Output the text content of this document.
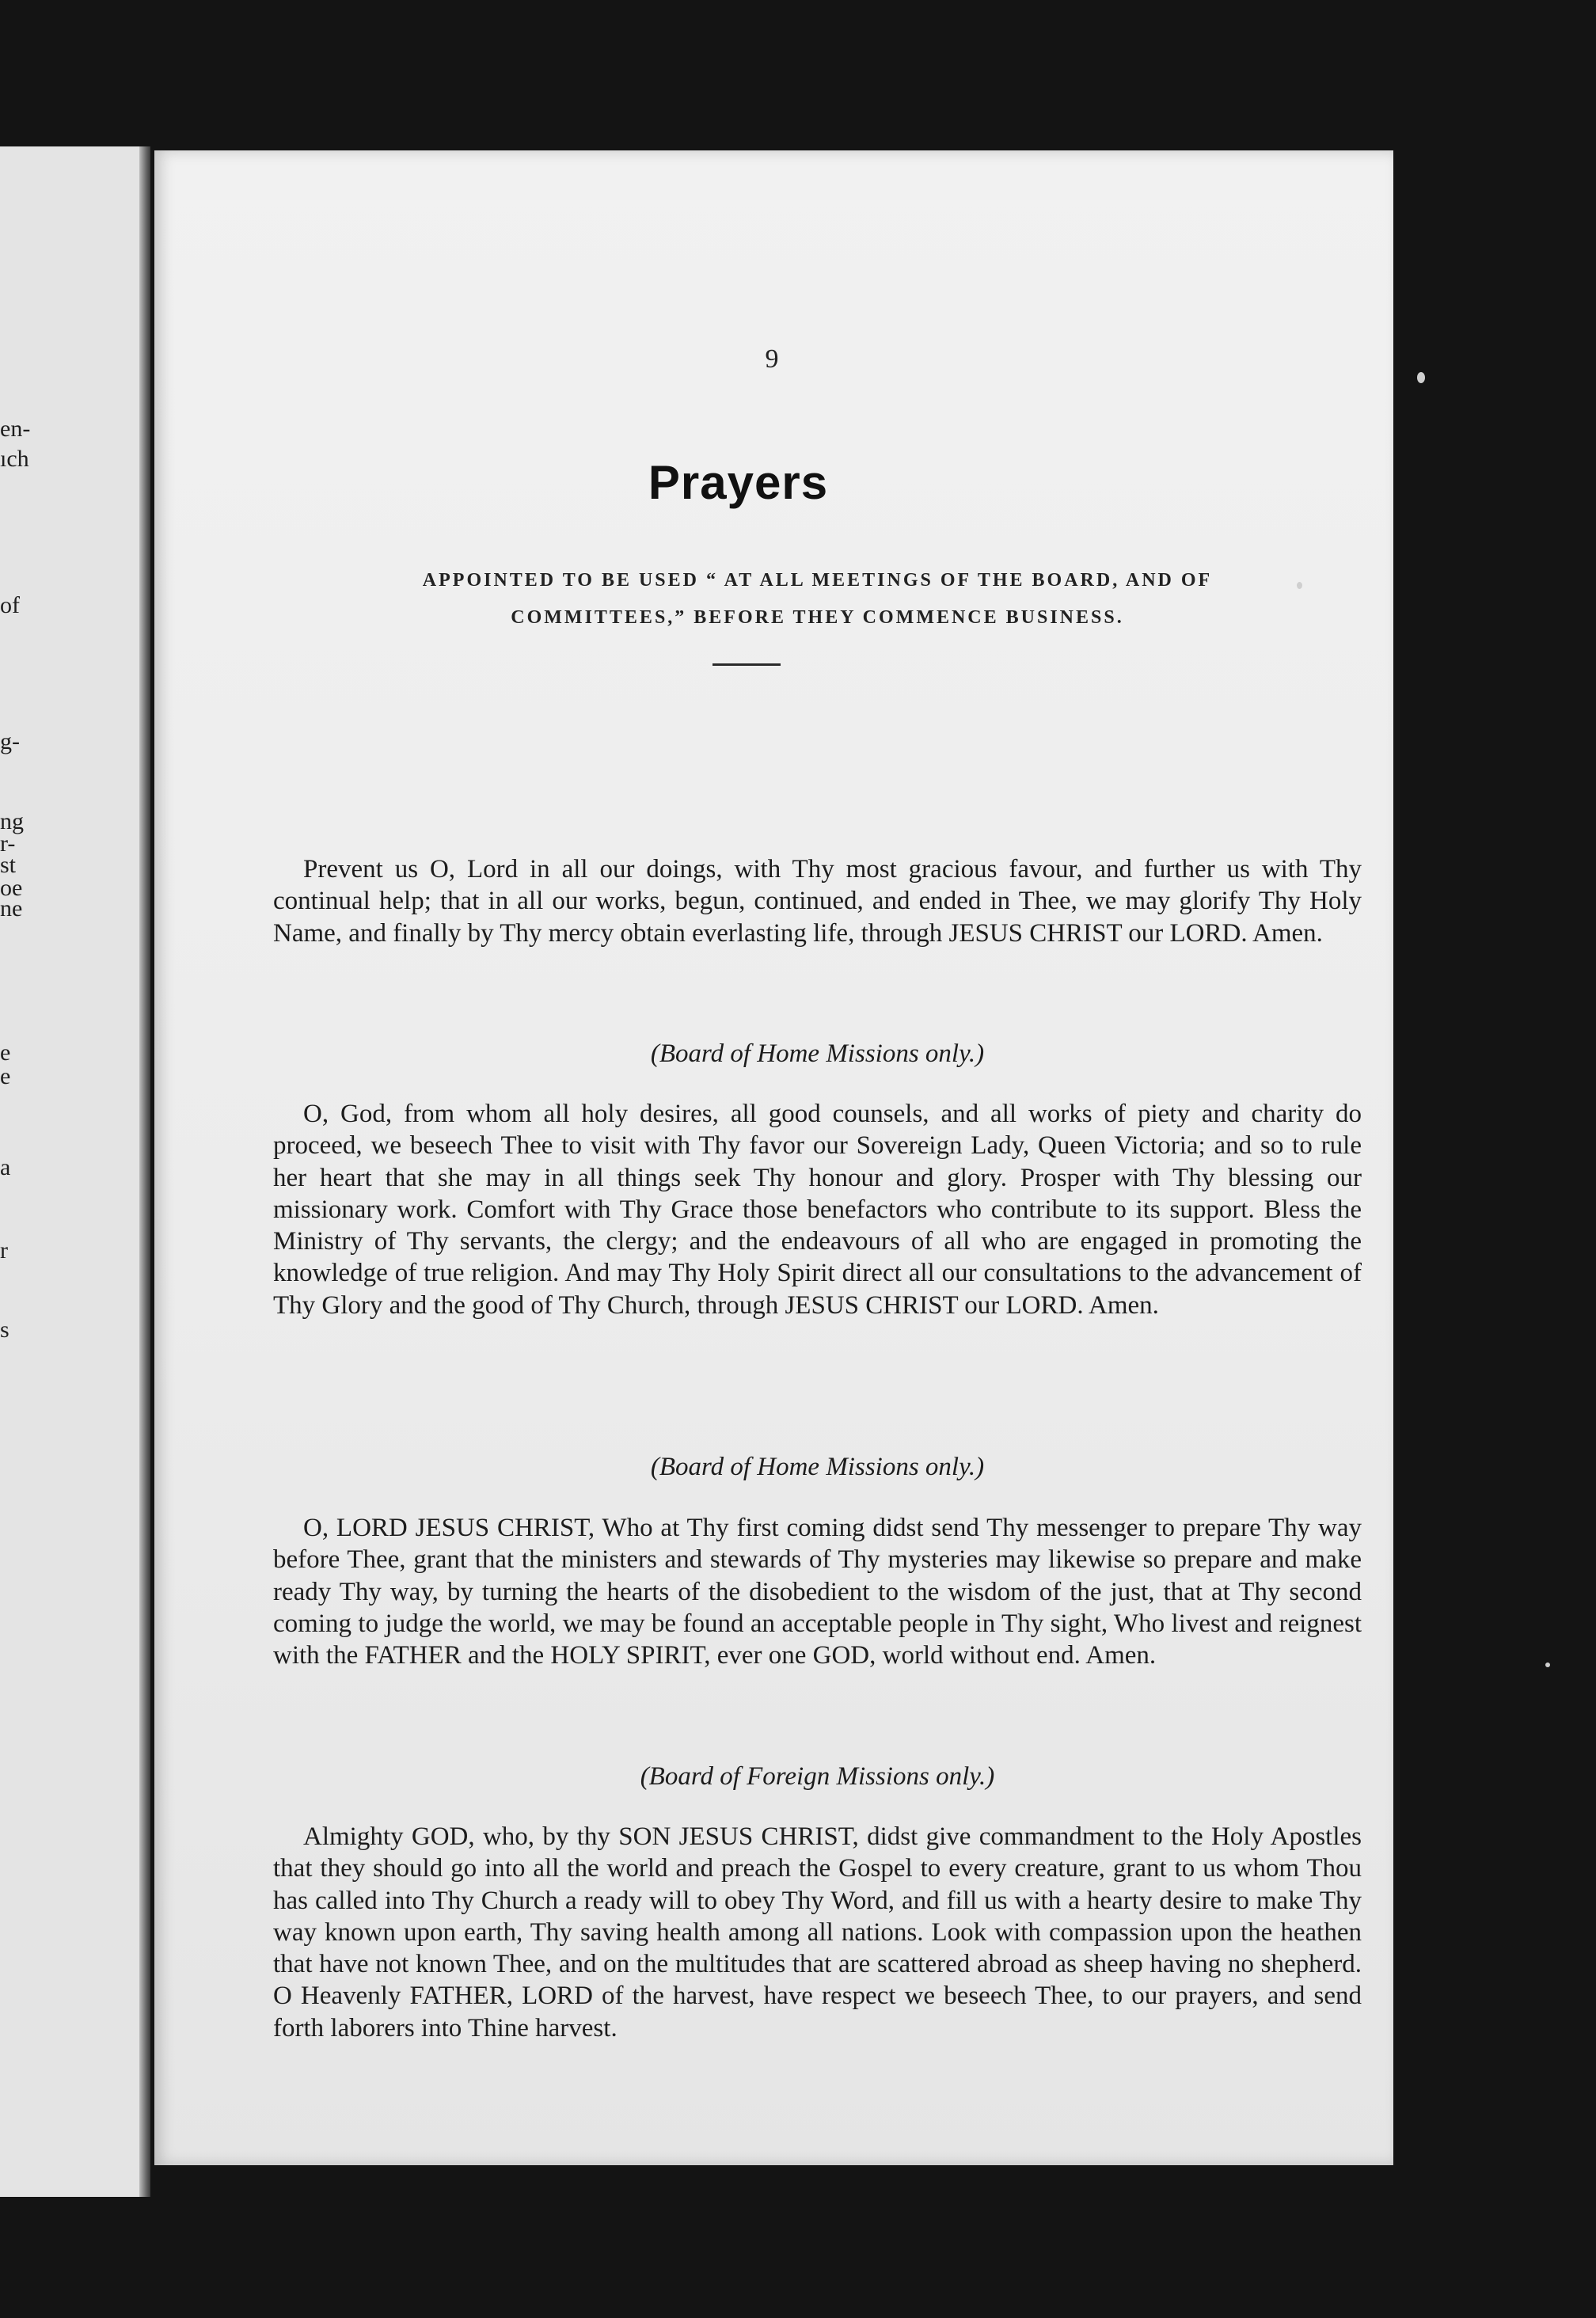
en-

ıch

of

g-

ng

r-

st

oe

ne

e

e

a

r

s

9
Prayers

APPOINTED TO BE USED “ AT ALL MEETINGS OF THE BOARD, AND OF
COMMITTEES,” BEFORE THEY COMMENCE BUSINESS.

Prevent us O, Lord in all our doings, with Thy most gracious favour, and further us with Thy continual help; that in all our works, begun, continued, and ended in Thee, we may glorify Thy Holy Name, and finally by Thy mercy obtain everlasting life, through JESUS CHRIST our LORD. Amen.

(Board of Home Missions only.)

O, God, from whom all holy desires, all good counsels, and all works of piety and charity do proceed, we beseech Thee to visit with Thy favor our Sovereign Lady, Queen Victoria; and so to rule her heart that she may in all things seek Thy honour and glory. Prosper with Thy blessing our missionary work. Comfort with Thy Grace those benefactors who contribute to its support. Bless the Ministry of Thy servants, the clergy; and the endeavours of all who are engaged in promoting the knowledge of true religion. And may Thy Holy Spirit direct all our consultations to the advancement of Thy Glory and the good of Thy Church, through JESUS CHRIST our LORD. Amen.

(Board of Home Missions only.)

O, LORD JESUS CHRIST, Who at Thy first coming didst send Thy messenger to prepare Thy way before Thee, grant that the ministers and stewards of Thy mysteries may likewise so prepare and make ready Thy way, by turning the hearts of the disobedient to the wisdom of the just, that at Thy second coming to judge the world, we may be found an acceptable people in Thy sight, Who livest and reignest with the FATHER and the HOLY SPIRIT, ever one GOD, world without end. Amen.

(Board of Foreign Missions only.)

Almighty GOD, who, by thy SON JESUS CHRIST, didst give commandment to the Holy Apostles that they should go into all the world and preach the Gospel to every creature, grant to us whom Thou has called into Thy Church a ready will to obey Thy Word, and fill us with a hearty desire to make Thy way known upon earth, Thy saving health among all nations. Look with compassion upon the heathen that have not known Thee, and on the multitudes that are scattered abroad as sheep having no shepherd. O Heavenly FATHER, LORD of the harvest, have respect we beseech Thee, to our prayers, and send forth laborers into Thine harvest.
